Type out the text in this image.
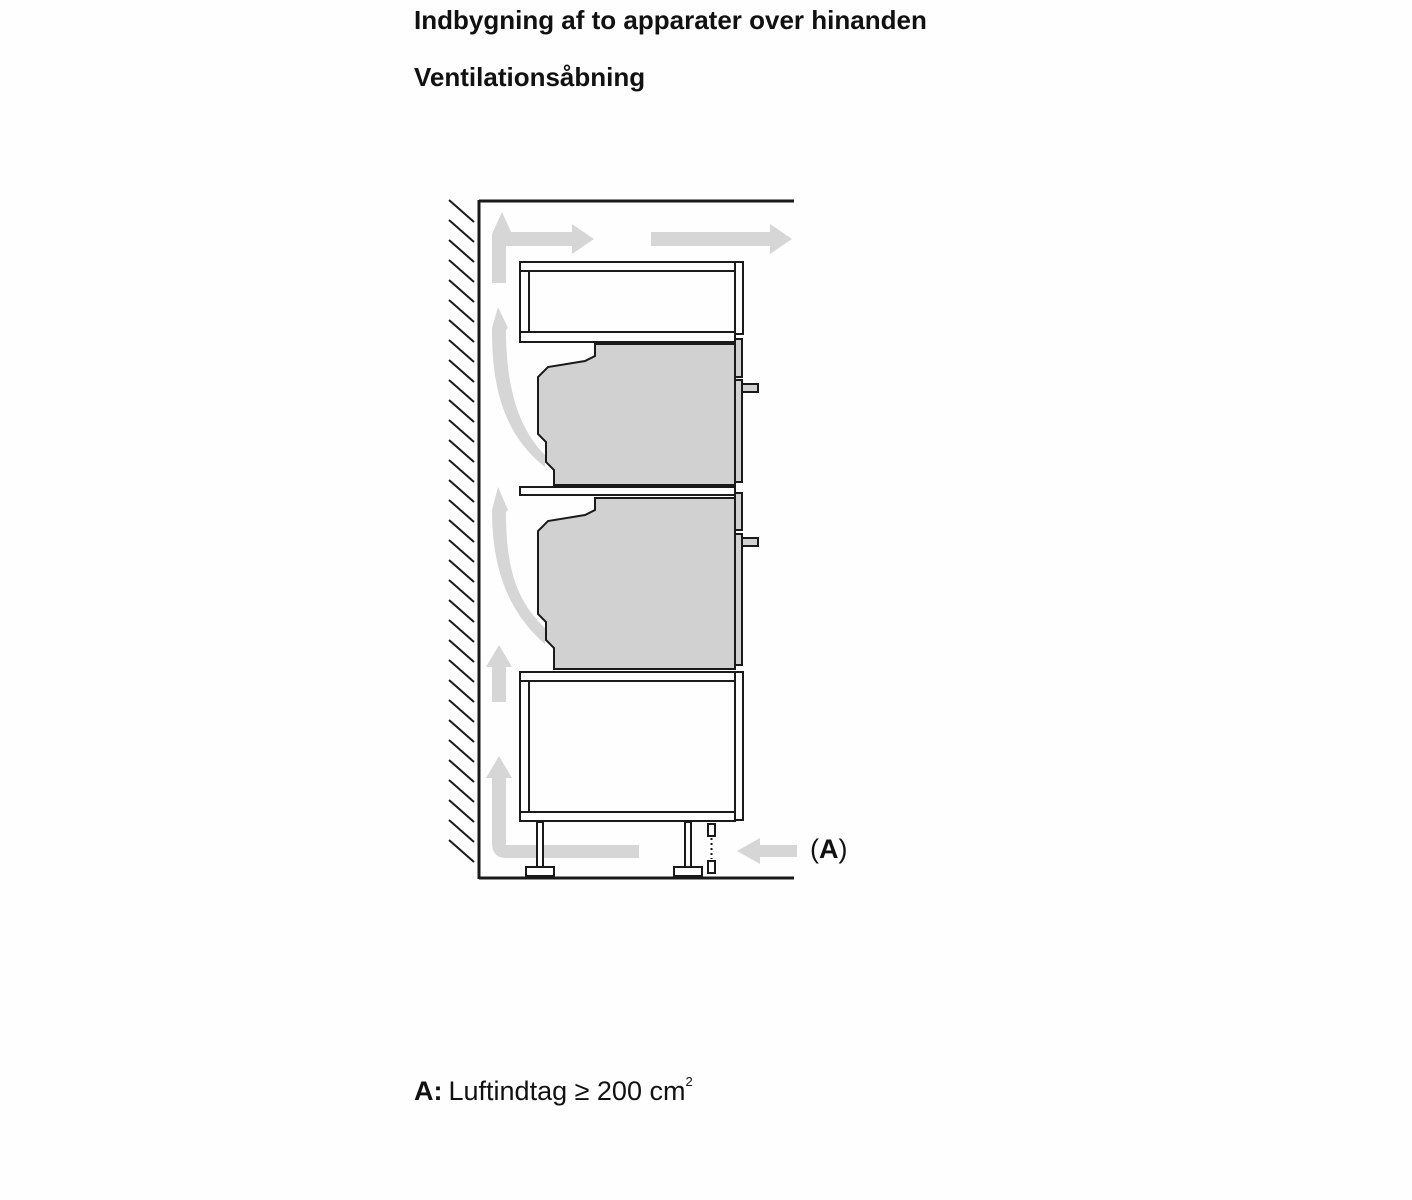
Indbygning af to apparater over hinanden
Ventilationsåbning
(A)
A: Luftindtag ≥ 200 $cm^2$
